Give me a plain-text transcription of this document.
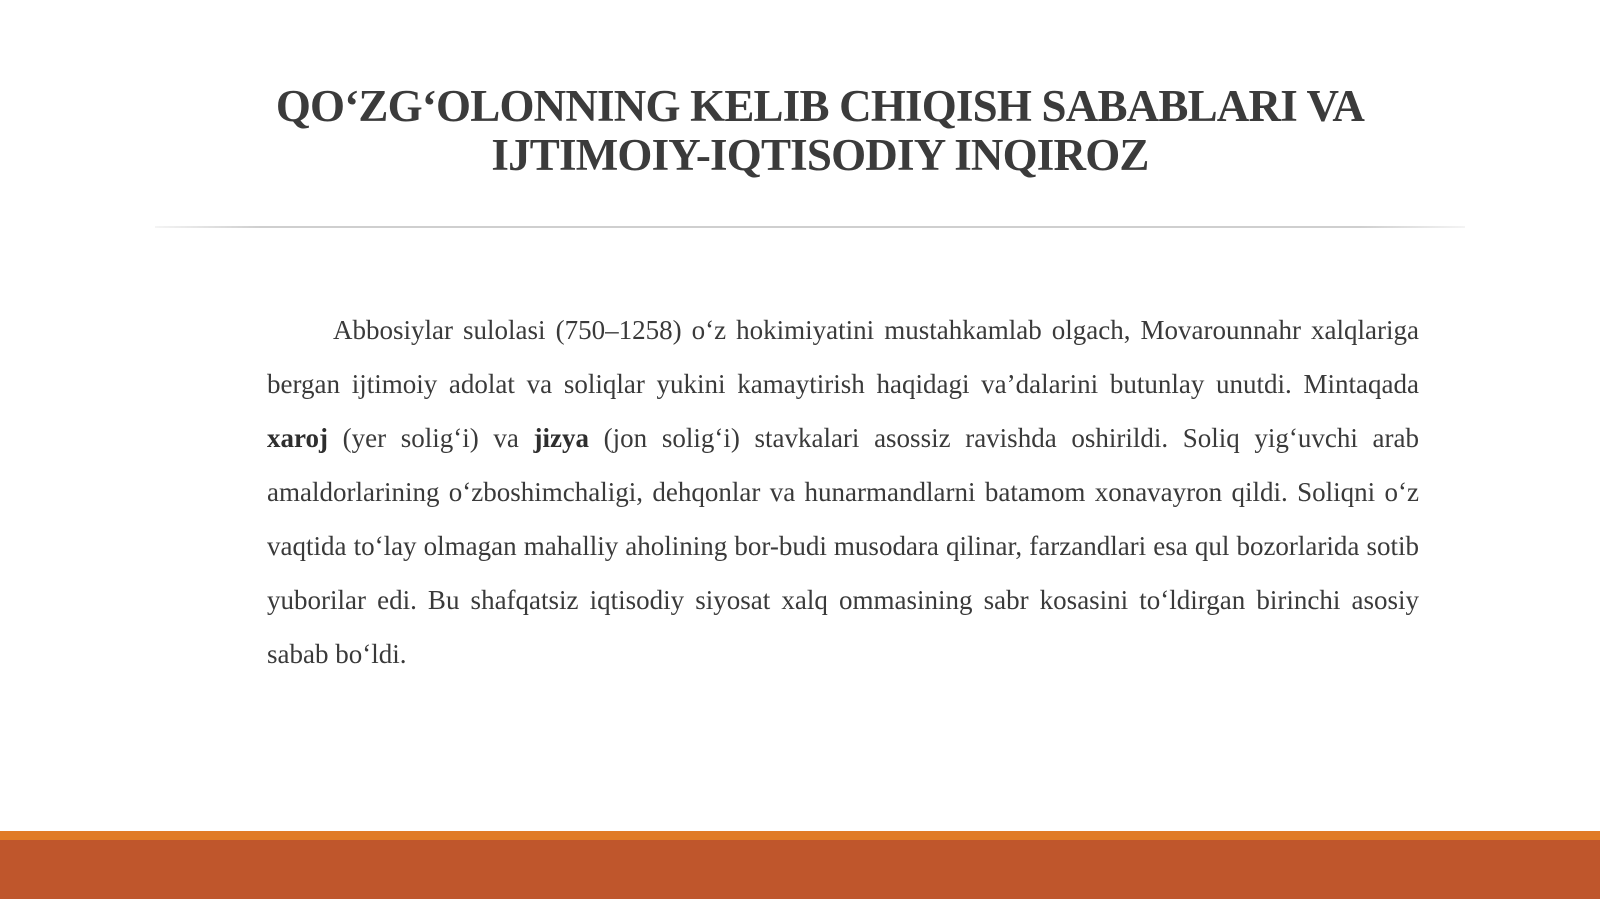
QO‘ZG‘OLONNING KELIB CHIQISH SABABLARI VA
IJTIMOIY-IQTISODIY INQIROZ

Abbosiylar sulolasi (750–1258) o‘z hokimiyatini mustahkamlab olgach, Movarounnahr xalqlariga bergan ijtimoiy adolat va soliqlar yukini kamaytirish haqidagi va’dalarini butunlay unutdi. Mintaqada xaroj (yer solig‘i) va jizya (jon solig‘i) stavkalari asossiz ravishda oshirildi. Soliq yig‘uvchi arab amaldorlarining o‘zboshimchaligi, dehqonlar va hunarmandlarni batamom xonavayron qildi. Soliqni o‘z vaqtida to‘lay olmagan mahalliy aholining bor-budi musodara qilinar, farzandlari esa qul bozorlarida sotib yuborilar edi. Bu shafqatsiz iqtisodiy siyosat xalq ommasining sabr kosasini to‘ldirgan birinchi asosiy sabab bo‘ldi.
